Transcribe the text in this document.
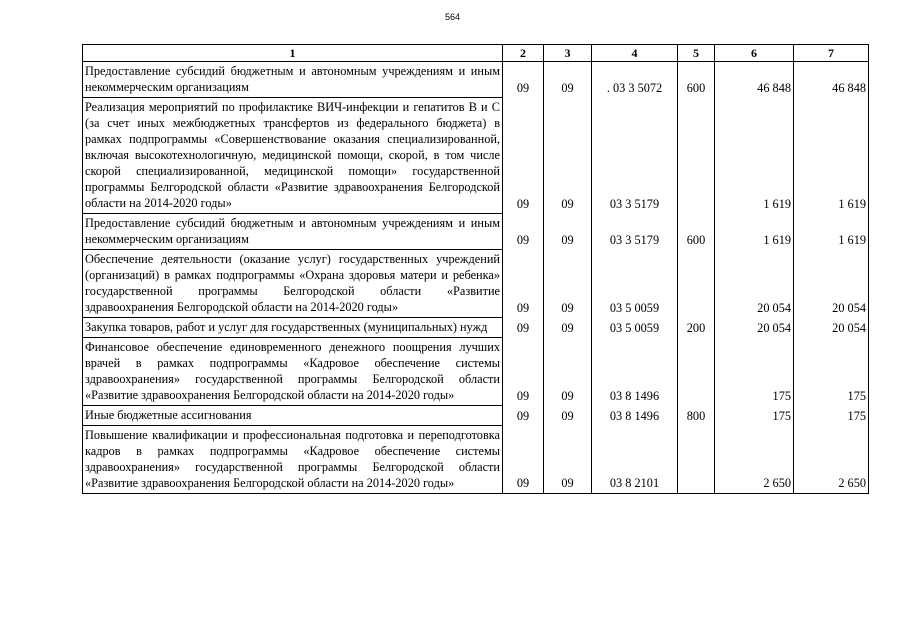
564
1	2	3	4	5	6	7
Предоставление субсидий бюджетным и автономным учреждениям и иным некоммерческим организациям	09	09	. 03 3 5072	600	46 848	46 848
Реализация мероприятий по профилактике ВИЧ-инфекции и гепатитов В и С (за счет иных межбюджетных трансфертов из федерального бюджета) в рамках подпрограммы «Совершенствование оказания специализированной, включая высокотехнологичную, медицинской помощи, скорой, в том числе скорой специализированной, медицинской помощи» государственной программы Белгородской области «Развитие здравоохранения Белгородской области на 2014-2020 годы»	09	09	03 3 5179		1 619	1 619
Предоставление субсидий бюджетным и автономным учреждениям и иным некоммерческим организациям	09	09	03 3 5179	600	1 619	1 619
Обеспечение деятельности (оказание услуг) государственных учреждений (организаций) в рамках подпрограммы «Охрана здоровья матери и ребенка» государственной программы Белгородской области «Развитие здравоохранения Белгородской области на 2014-2020 годы»	09	09	03 5 0059		20 054	20 054
Закупка товаров, работ и услуг для государственных (муниципальных) нужд	09	09	03 5 0059	200	20 054	20 054
Финансовое обеспечение единовременного денежного поощрения лучших врачей в рамках подпрограммы «Кадровое обеспечение системы здравоохранения» государственной программы Белгородской области «Развитие здравоохранения Белгородской области на 2014-2020 годы»	09	09	03 8 1496		175	175
Иные бюджетные ассигнования	09	09	03 8 1496	800	175	175
Повышение квалификации и профессиональная подготовка и переподготовка кадров в рамках подпрограммы «Кадровое обеспечение системы здравоохранения» государственной программы Белгородской области «Развитие здравоохранения Белгородской области на 2014-2020 годы»	09	09	03 8 2101		2 650	2 650
